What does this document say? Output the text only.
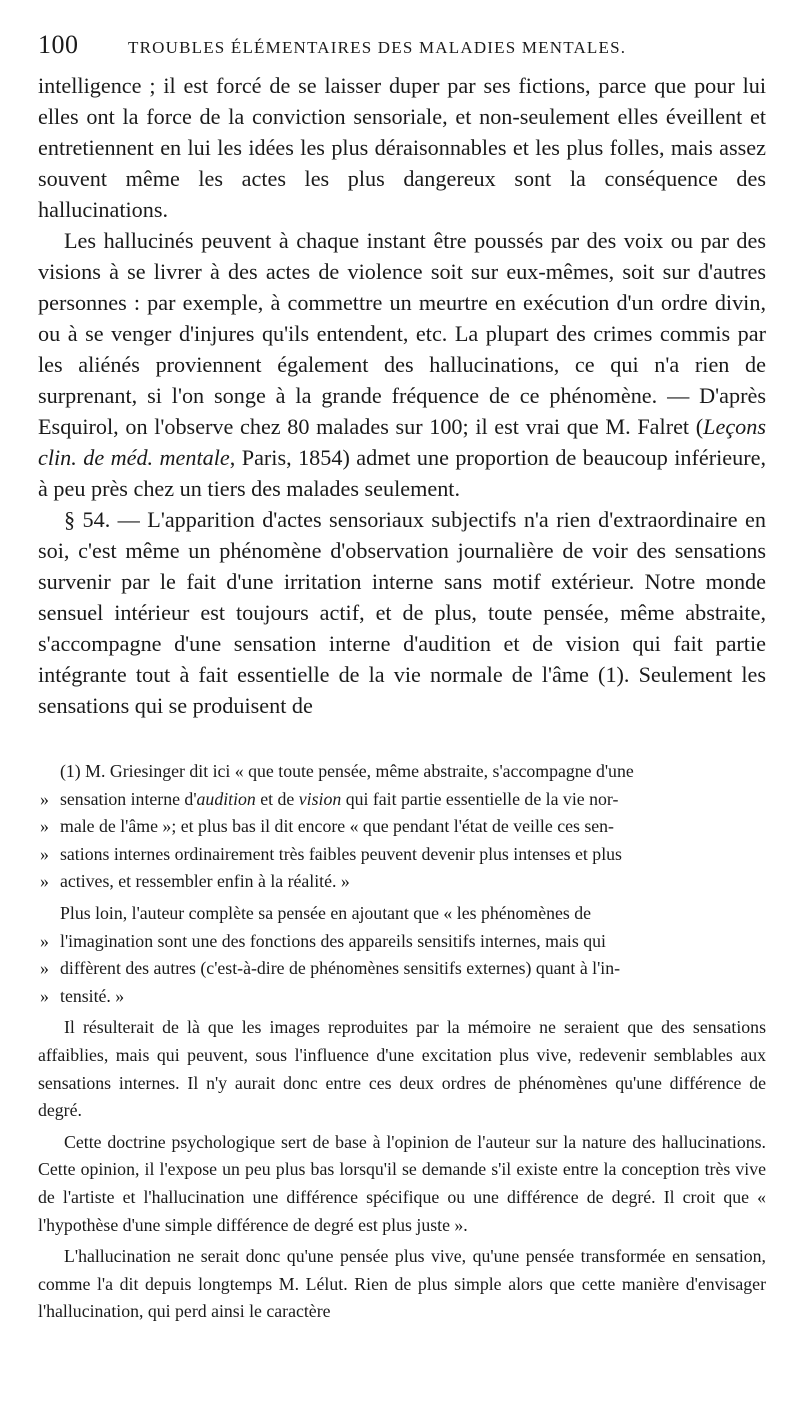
100	TROUBLES ÉLÉMENTAIRES DES MALADIES MENTALES.

intelligence ; il est forcé de se laisser duper par ses fictions, parce que pour lui elles ont la force de la conviction sensoriale, et non-seulement elles éveillent et entretiennent en lui les idées les plus déraisonnables et les plus folles, mais assez souvent même les actes les plus dangereux sont la conséquence des hallucinations.

Les hallucinés peuvent à chaque instant être poussés par des voix ou par des visions à se livrer à des actes de violence soit sur eux-mêmes, soit sur d'autres personnes : par exemple, à commettre un meurtre en exécution d'un ordre divin, ou à se venger d'injures qu'ils entendent, etc. La plupart des crimes commis par les aliénés proviennent également des hallucinations, ce qui n'a rien de surprenant, si l'on songe à la grande fréquence de ce phénomène. — D'après Esquirol, on l'observe chez 80 malades sur 100; il est vrai que M. Falret (Leçons clin. de méd. mentale, Paris, 1854) admet une proportion de beaucoup inférieure, à peu près chez un tiers des malades seulement.

§ 54. — L'apparition d'actes sensoriaux subjectifs n'a rien d'extraordinaire en soi, c'est même un phénomène d'observation journalière de voir des sensations survenir par le fait d'une irritation interne sans motif extérieur. Notre monde sensuel intérieur est toujours actif, et de plus, toute pensée, même abstraite, s'accompagne d'une sensation interne d'audition et de vision qui fait partie intégrante tout à fait essentielle de la vie normale de l'âme (1). Seulement les sensations qui se produisent de

(1) M. Griesinger dit ici « que toute pensée, même abstraite, s'accompagne d'une
» sensation interne d'audition et de vision qui fait partie essentielle de la vie nor-
» male de l'âme »; et plus bas il dit encore « que pendant l'état de veille ces sen-
» sations internes ordinairement très faibles peuvent devenir plus intenses et plus
» actives, et ressembler enfin à la réalité. »

Plus loin, l'auteur complète sa pensée en ajoutant que « les phénomènes de
» l'imagination sont une des fonctions des appareils sensitifs internes, mais qui
» diffèrent des autres (c'est-à-dire de phénomènes sensitifs externes) quant à l'in-
» tensité. »

Il résulterait de là que les images reproduites par la mémoire ne seraient que des sensations affaiblies, mais qui peuvent, sous l'influence d'une excitation plus vive, redevenir semblables aux sensations internes. Il n'y aurait donc entre ces deux ordres de phénomènes qu'une différence de degré.

Cette doctrine psychologique sert de base à l'opinion de l'auteur sur la nature des hallucinations. Cette opinion, il l'expose un peu plus bas lorsqu'il se demande s'il existe entre la conception très vive de l'artiste et l'hallucination une différence spécifique ou une différence de degré. Il croit que « l'hypothèse d'une simple différence de degré est plus juste ».

L'hallucination ne serait donc qu'une pensée plus vive, qu'une pensée transformée en sensation, comme l'a dit depuis longtemps M. Lélut. Rien de plus simple alors que cette manière d'envisager l'hallucination, qui perd ainsi le caractère
